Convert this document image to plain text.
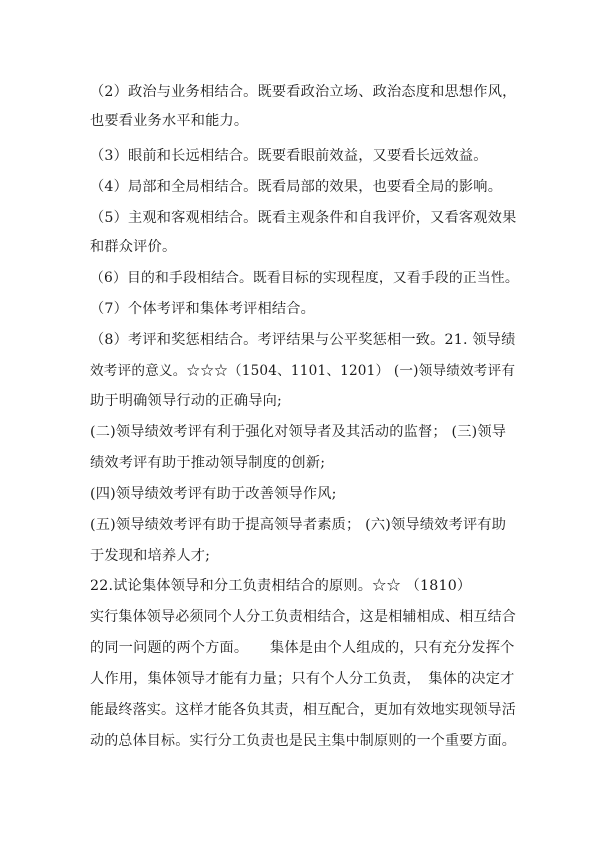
（2）政治与业务相结合。既要看政治立场、政治态度和思想作风，
也要看业务水平和能力。
（3）眼前和长远相结合。既要看眼前效益，又要看长远效益。
（4）局部和全局相结合。既看局部的效果，也要看全局的影响。
（5）主观和客观相结合。既看主观条件和自我评价，又看客观效果
和群众评价。
（6）目的和手段相结合。既看目标的实现程度，又看手段的正当性。
（7）个体考评和集体考评相结合。
（8）考评和奖惩相结合。考评结果与公平奖惩相一致。21. 领导绩
效考评的意义。☆☆☆（1504、1101、1201） (一)领导绩效考评有
助于明确领导行动的正确导向;
(二)领导绩效考评有利于强化对领导者及其活动的监督； (三)领导
绩效考评有助于推动领导制度的创新;
(四)领导绩效考评有助于改善领导作风;
(五)领导绩效考评有助于提高领导者素质； (六)领导绩效考评有助
于发现和培养人才;
22.试论集体领导和分工负责相结合的原则。☆☆ （1810）
实行集体领导必须同个人分工负责相结合，这是相辅相成、相互结合
的同一问题的两个方面。　　集体是由个人组成的，只有充分发挥个
人作用，集体领导才能有力量；只有个人分工负责，　集体的决定才
能最终落实。这样才能各负其责，相互配合，更加有效地实现领导活
动的总体目标。实行分工负责也是民主集中制原则的一个重要方面。
